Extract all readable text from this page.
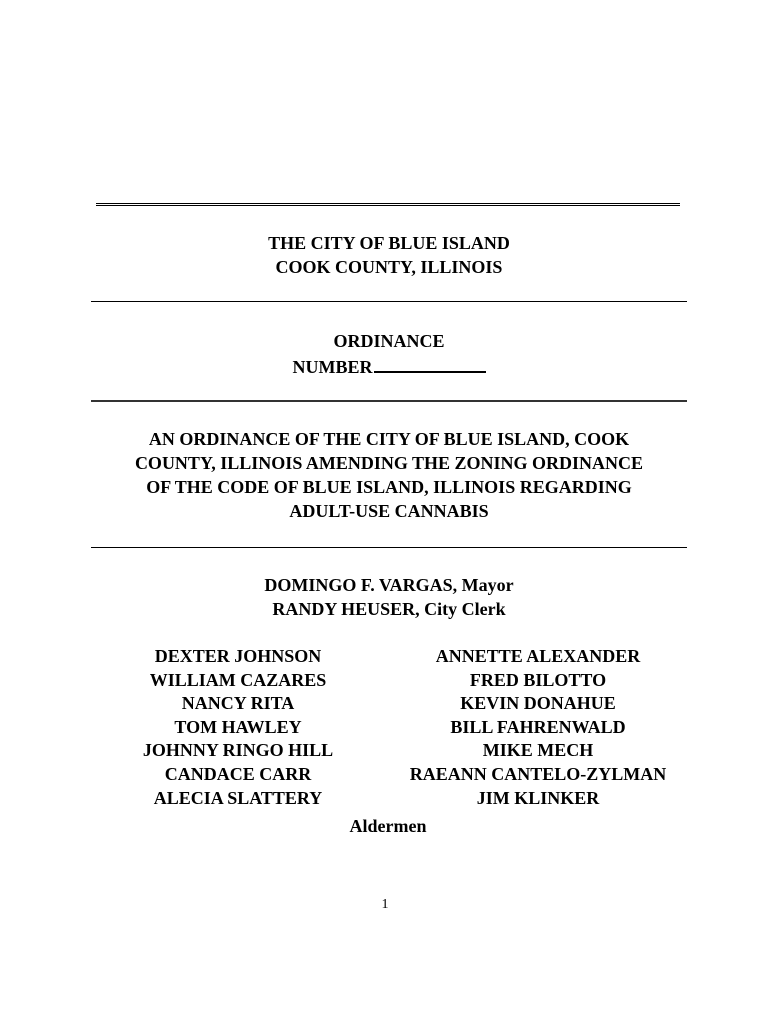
THE CITY OF BLUE ISLAND
COOK COUNTY, ILLINOIS
ORDINANCE
NUMBER
AN ORDINANCE OF THE CITY OF BLUE ISLAND, COOK
COUNTY, ILLINOIS AMENDING THE ZONING ORDINANCE
OF THE CODE OF BLUE ISLAND, ILLINOIS REGARDING
ADULT-USE CANNABIS
DOMINGO F. VARGAS, Mayor
RANDY HEUSER, City Clerk
DEXTER JOHNSON
WILLIAM CAZARES
NANCY RITA
TOM HAWLEY
JOHNNY RINGO HILL
CANDACE CARR
ALECIA SLATTERY
ANNETTE ALEXANDER
FRED BILOTTO
KEVIN DONAHUE
BILL FAHRENWALD
MIKE MECH
RAEANN CANTELO-ZYLMAN
JIM KLINKER
Aldermen
1
